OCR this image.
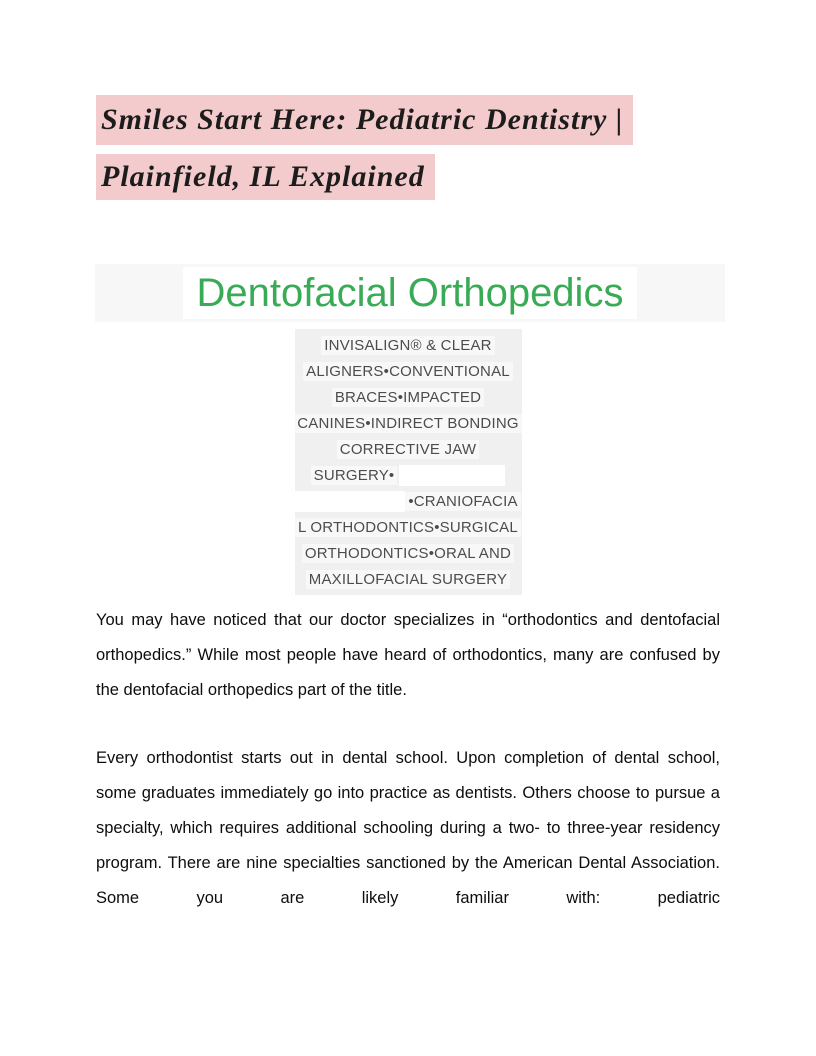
Smiles Start Here: Pediatric Dentistry |
Plainfield, IL Explained
Dentofacial Orthopedics
INVISALIGN® & CLEAR
ALIGNERS•CONVENTIONAL
BRACES•IMPACTED
CANINES•INDIRECT BONDING
CORRECTIVE JAW
SURGERY•
•CRANIOFACIA
L ORTHODONTICS•SURGICAL
ORTHODONTICS•ORAL AND
MAXILLOFACIAL SURGERY

You may have noticed that our doctor specializes in “orthodontics and dentofacial orthopedics.” While most people have heard of orthodontics, many are confused by the dentofacial orthopedics part of the title.

Every orthodontist starts out in dental school. Upon completion of dental school, some graduates immediately go into practice as dentists. Others choose to pursue a specialty, which requires additional schooling during a two- to three-year residency program. There are nine specialties sanctioned by the American Dental Association. Some you are likely familiar with: pediatric
